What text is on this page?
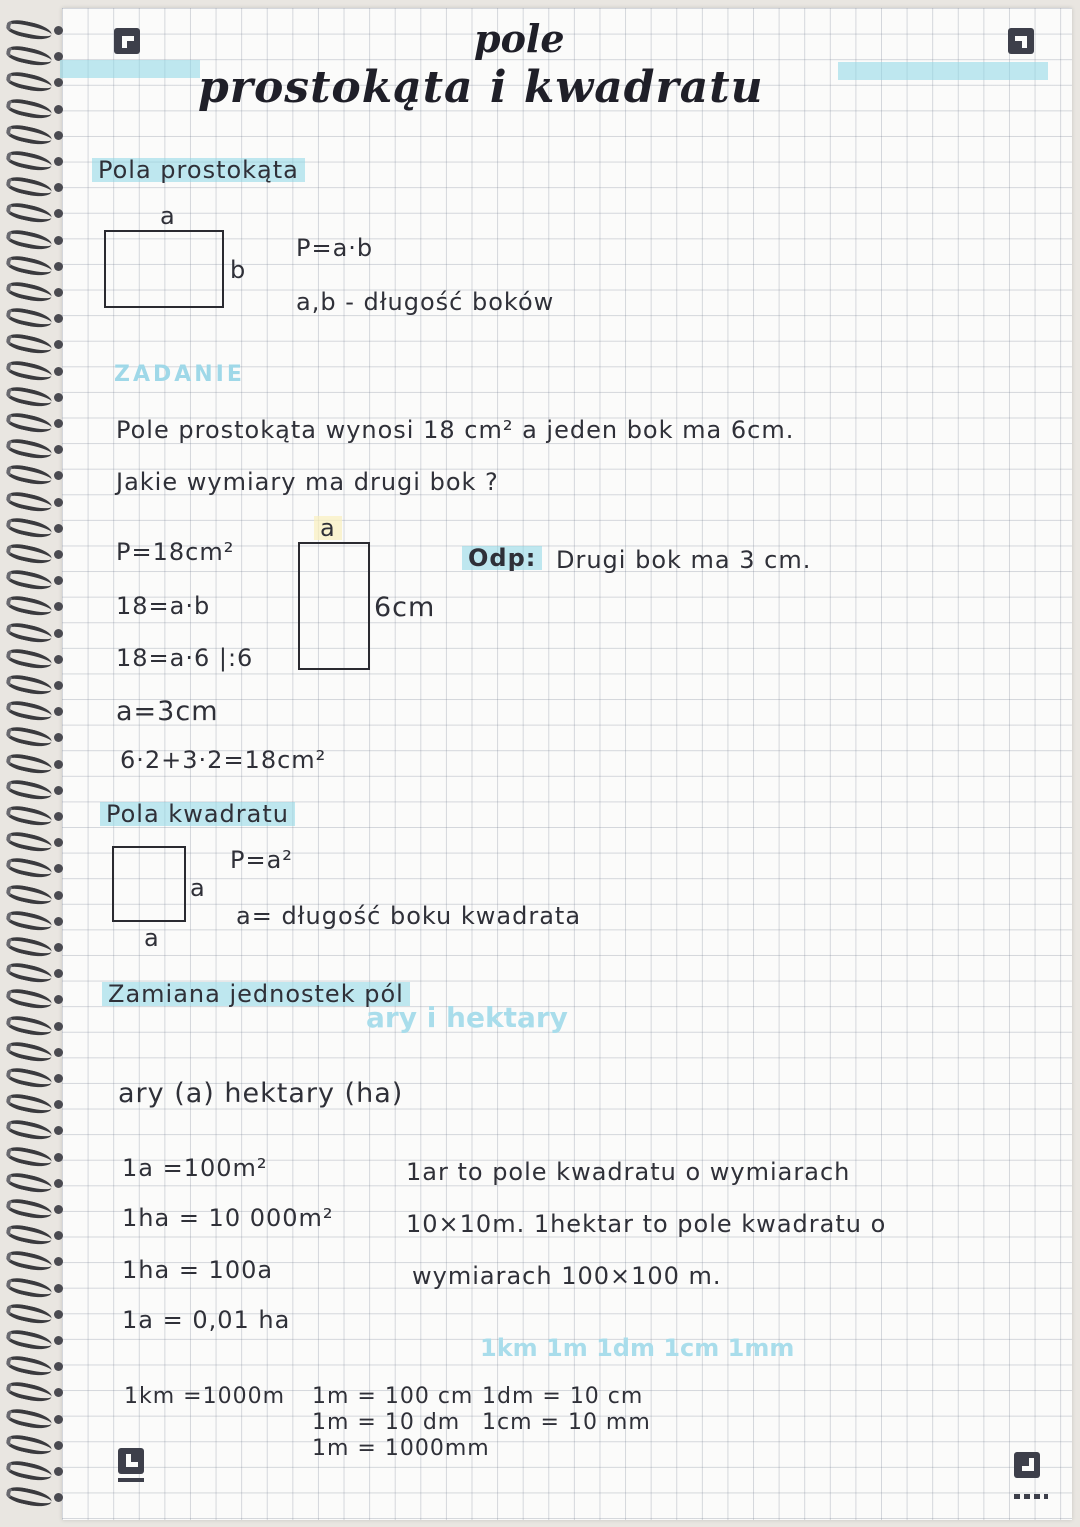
pole
prostokąta i kwadratu
Pola prostokąta
a
b
P=a·b
a,b - długość boków
ZADANIE
Pole prostokąta wynosi 18 cm² a jeden bok ma 6cm.
Jakie wymiary ma drugi bok ?
P=18cm²
18=a·b
18=a·6 |:6
a=3cm
6·2+3·2=18cm²
a
6cm
Odp: Drugi bok ma 3 cm.
Pola kwadratu
a
a
P=a²
a= długość boku kwadrata
Zamiana jednostek pól
ary i hektary
ary (a) hektary (ha)
1a =100m²
1ha = 10 000m²
1ha = 100a
1a = 0,01 ha
1ar to pole kwadratu o wymiarach
10×10m. 1hektar to pole kwadratu o
wymiarach 100×100 m.
1km 1m 1dm 1cm 1mm
1km =1000m 1m = 100 cm
1m = 10 dm
1m = 1000mm
1dm = 10 cm
1cm = 10 mm
